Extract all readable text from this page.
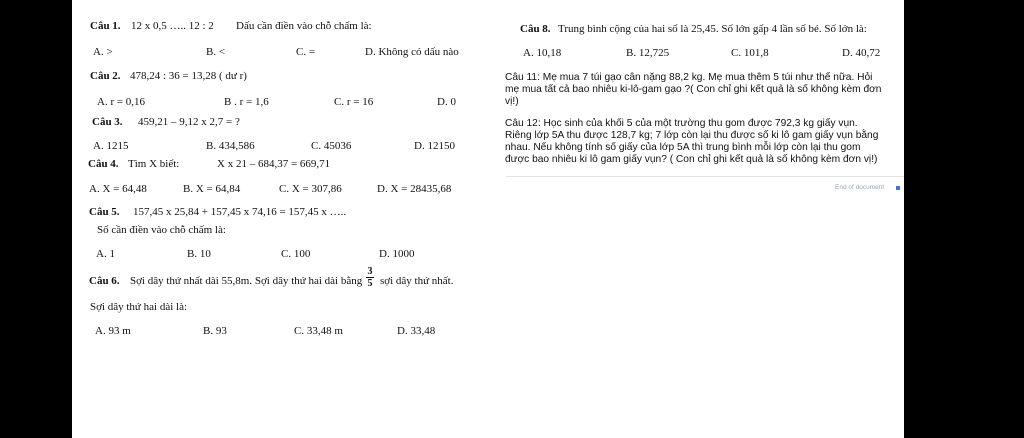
Câu 1. 12 x 0,5 ….. 12 : 2 Dấu cần điền vào chỗ chấm là:
A. >	B. <	C. =	D. Không có dấu nào
Câu 2. 478,24 : 36 = 13,28 ( dư r)
A. r = 0,16	B . r = 1,6	C. r = 16	D. 0
Câu 3. 459,21 – 9,12 x 2,7 = ?
A. 1215	B. 434,586	C. 45036	D. 12150
Câu 4. Tìm X biết:	X x 21 – 684,37 = 669,71
A. X = 64,48	B. X = 64,84	C. X = 307,86	D. X = 28435,68
Câu 5. 157,45 x 25,84 + 157,45 x 74,16 = 157,45 x …..
Số cần điền vào chỗ chấm là:
A. 1	B. 10	C. 100	D. 1000
Câu 6. Sợi dây thứ nhất dài 55,8m. Sợi dây thứ hai dài bằng
3
5 sợi dây thứ nhất.
Sợi dây thứ hai dài là:
A. 93 m	B. 93	C. 33,48 m	D. 33,48
Câu 8. Trung bình cộng của hai số là 25,45. Số lớn gấp 4 lần số bé. Số lớn là:
A. 10,18	B. 12,725	C. 101,8	D. 40,72
Câu 11: Mẹ mua 7 túi gạo cân nặng 88,2 kg. Mẹ mua thêm 5 túi như thế nữa. Hỏi
mẹ mua tất cả bao nhiêu ki-lô-gam gạo ?( Con chỉ ghi kết quả là số không kèm đơn
vị!)
Câu 12: Học sinh của khối 5 của một trường thu gom được 792,3 kg giấy vụn.
Riêng lớp 5A thu được 128,7 kg; 7 lớp còn lại thu được số ki lô gam giấy vụn bằng
nhau. Nếu không tính số giấy của lớp 5A thì trung bình mỗi lớp còn lại thu gom
được bao nhiêu ki lô gam giấy vụn? ( Con chỉ ghi kết quả là số không kèm đơn vị!)
End of document
